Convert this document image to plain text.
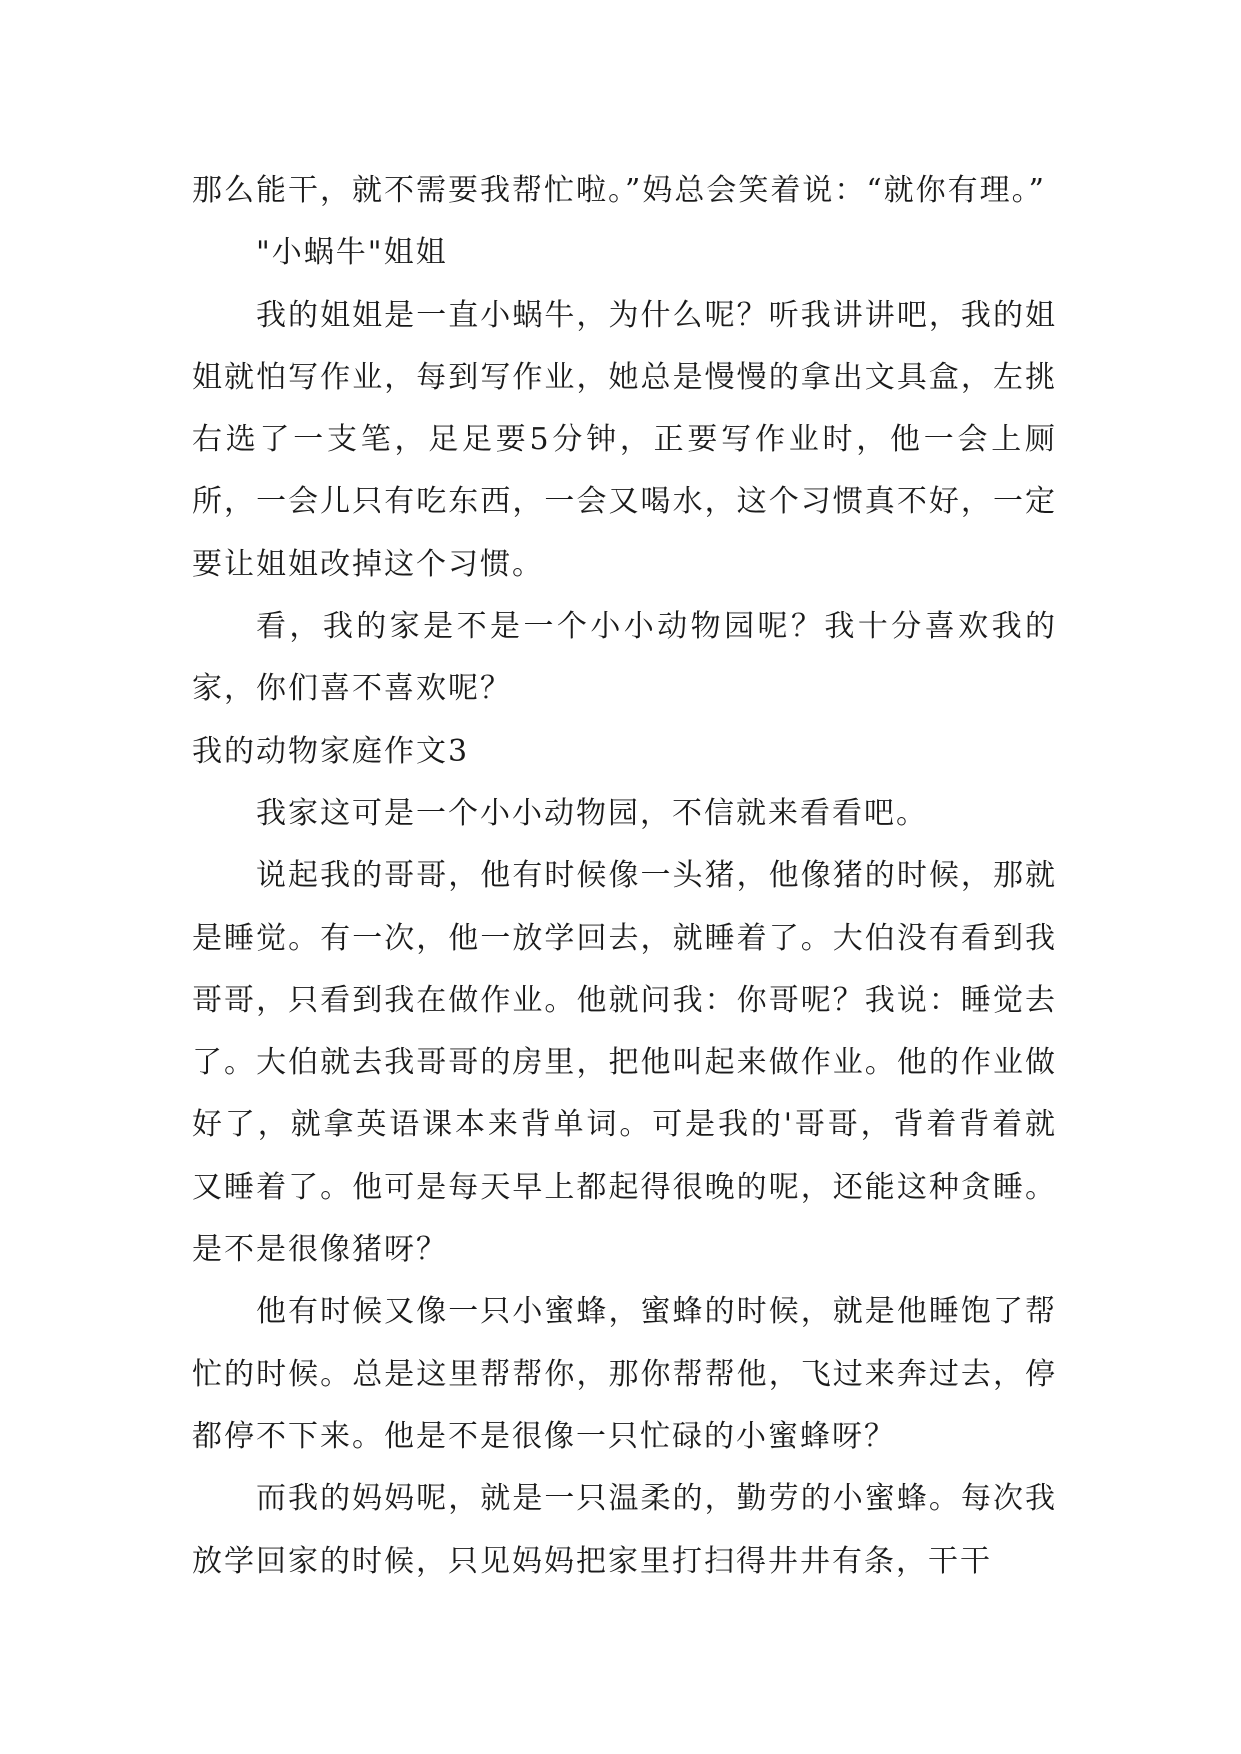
那么能干，就不需要我帮忙啦。”妈总会笑着说：“就你有理。”

"小蜗牛"姐姐

我的姐姐是一直小蜗牛，为什么呢？听我讲讲吧，我的姐姐就怕写作业，每到写作业，她总是慢慢的拿出文具盒，左挑右选了一支笔，足足要5分钟，正要写作业时，他一会上厕所，一会儿只有吃东西，一会又喝水，这个习惯真不好，一定要让姐姐改掉这个习惯。

看，我的家是不是一个小小动物园呢？我十分喜欢我的家，你们喜不喜欢呢？

我的动物家庭作文3

我家这可是一个小小动物园，不信就来看看吧。

说起我的哥哥，他有时候像一头猪，他像猪的时候，那就是睡觉。有一次，他一放学回去，就睡着了。大伯没有看到我哥哥，只看到我在做作业。他就问我：你哥呢？我说：睡觉去了。大伯就去我哥哥的房里，把他叫起来做作业。他的作业做好了，就拿英语课本来背单词。可是我的'哥哥，背着背着就又睡着了。他可是每天早上都起得很晚的呢，还能这种贪睡。是不是很像猪呀？

他有时候又像一只小蜜蜂，蜜蜂的时候，就是他睡饱了帮忙的时候。总是这里帮帮你，那你帮帮他，飞过来奔过去，停都停不下来。他是不是很像一只忙碌的小蜜蜂呀？

而我的妈妈呢，就是一只温柔的，勤劳的小蜜蜂。每次我放学回家的时候，只见妈妈把家里打扫得井井有条，干干
